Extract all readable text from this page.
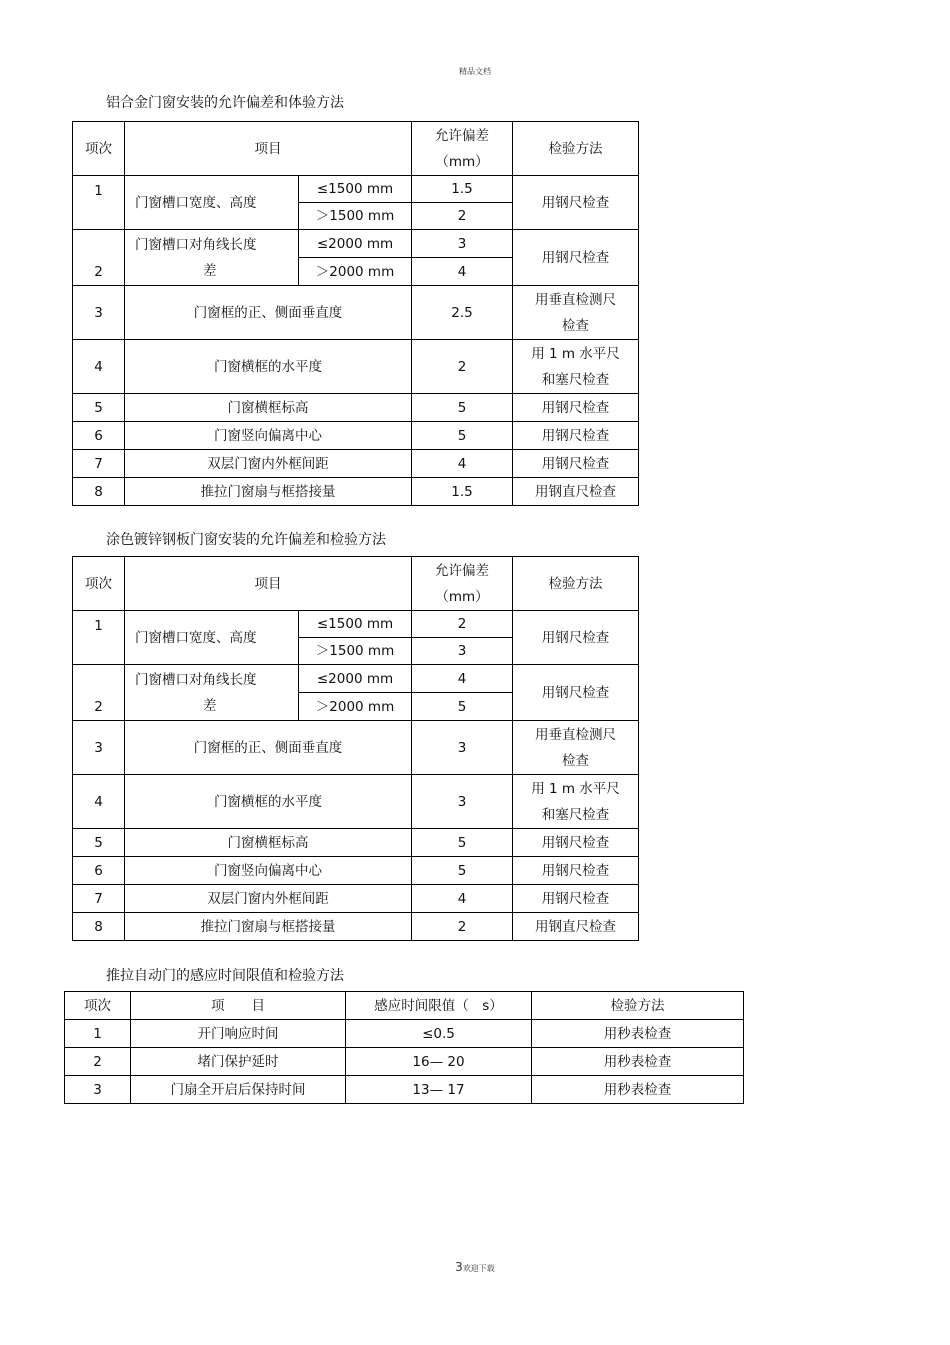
精品文档
铝合金门窗安装的允许偏差和体验方法
项次	项目		允许偏差
（mm）	检验方法
1	门窗槽口宽度、高度	≤1500 mm	1.5	用钢尺检查
		＞1500 mm	2	
2	门窗槽口对角线长度
差	≤2000 mm	3	用钢尺检查
		＞2000 mm	4	
3	门窗框的正、侧面垂直度		2.5	用垂直检测尺
检查
4	门窗横框的水平度		2	用 1 m 水平尺
和塞尺检查
5	门窗横框标高		5	用钢尺检查
6	门窗竖向偏离中心		5	用钢尺检查
7	双层门窗内外框间距		4	用钢尺检查
8	推拉门窗扇与框搭接量		1.5	用钢直尺检查
涂色镀锌钢板门窗安装的允许偏差和检验方法
项次	项目		允许偏差
（mm）	检验方法
1	门窗槽口宽度、高度	≤1500 mm	2	用钢尺检查
		＞1500 mm	3	
2	门窗槽口对角线长度
差	≤2000 mm	4	用钢尺检查
		＞2000 mm	5	
3	门窗框的正、侧面垂直度		3	用垂直检测尺
检查
4	门窗横框的水平度		3	用 1 m 水平尺
和塞尺检查
5	门窗横框标高		5	用钢尺检查
6	门窗竖向偏离中心		5	用钢尺检查
7	双层门窗内外框间距		4	用钢尺检查
8	推拉门窗扇与框搭接量		2	用钢直尺检查
推拉自动门的感应时间限值和检验方法
项次	项　　目	感应时间限值（　s）	检验方法
1	开门响应时间	≤0.5	用秒表检查
2	堵门保护延时	16— 20	用秒表检查
3	门扇全开启后保持时间	13— 17	用秒表检查
3欢迎下载
